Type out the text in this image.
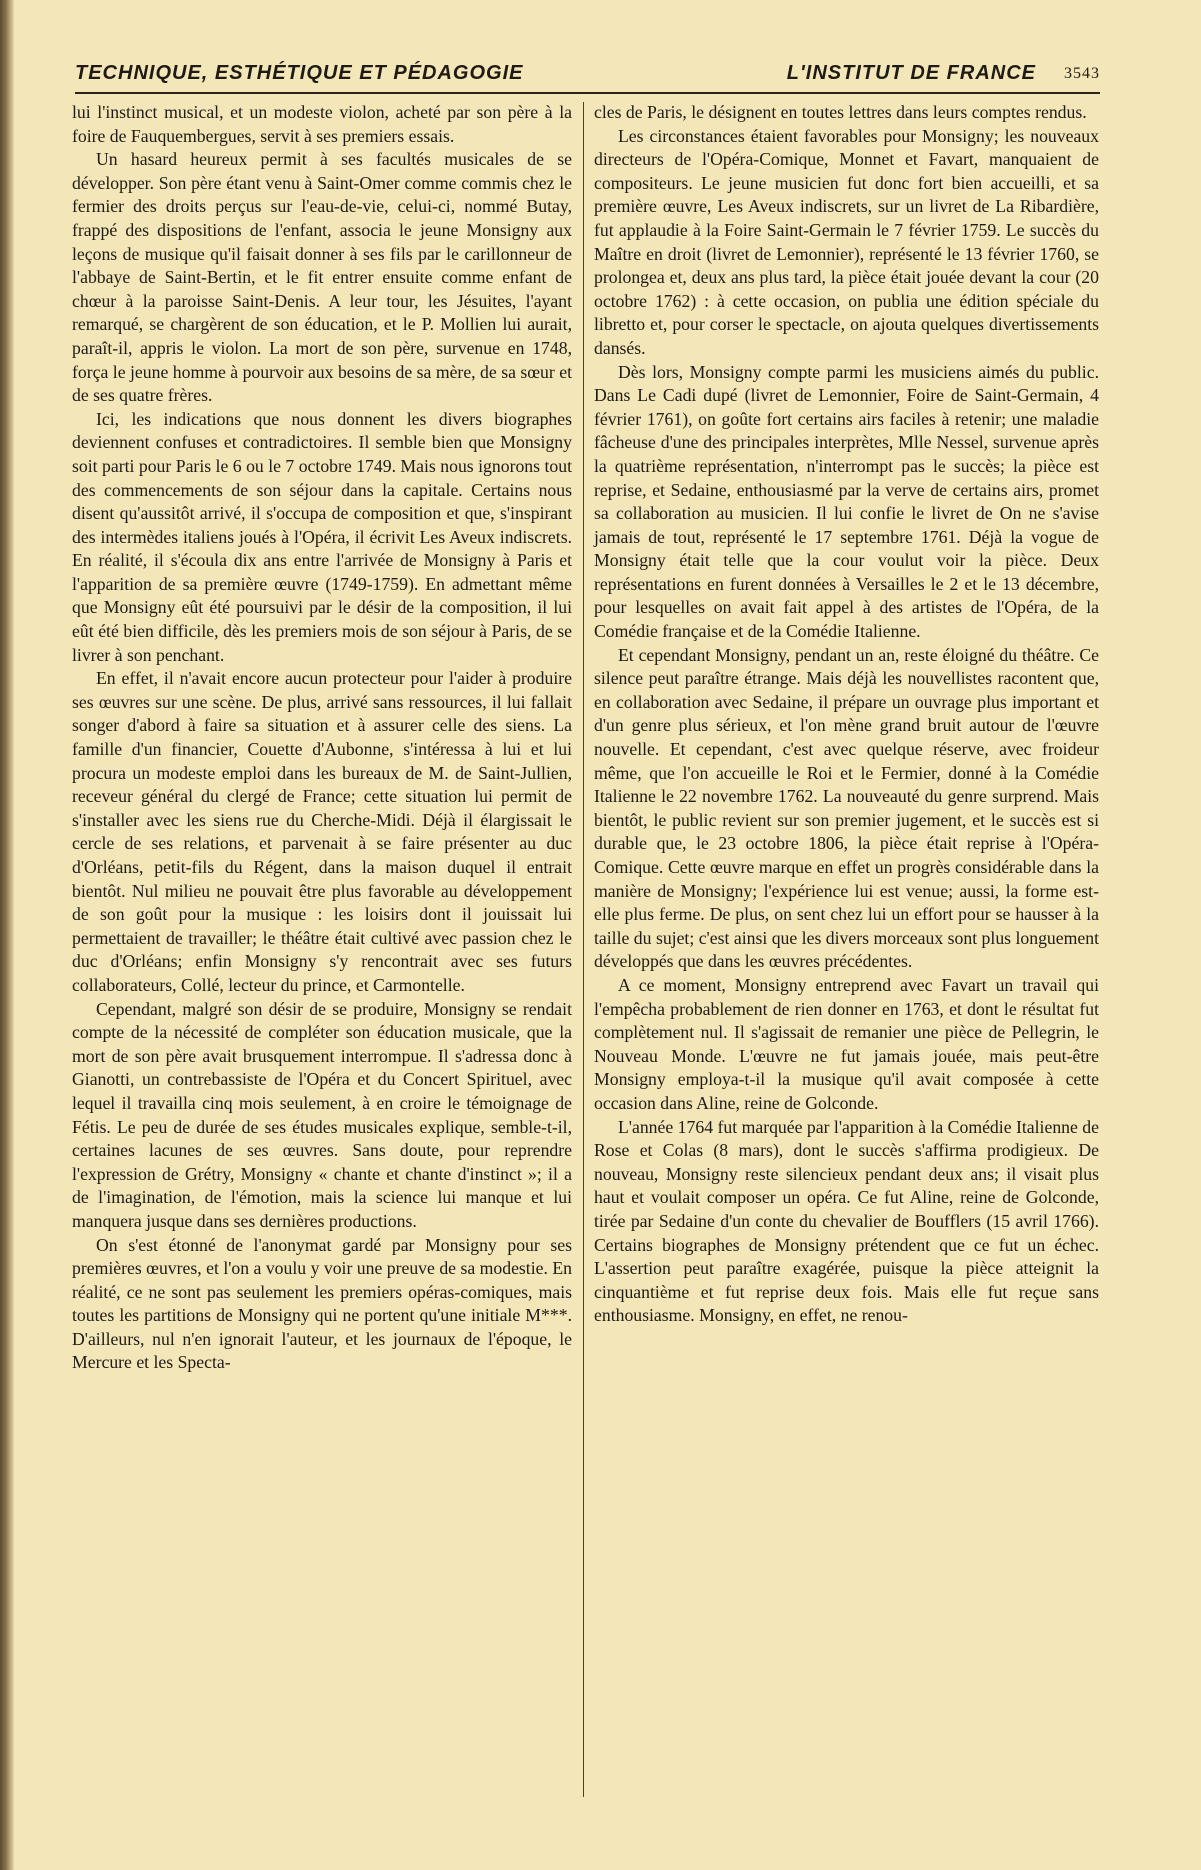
TECHNIQUE, ESTHÉTIQUE ET PÉDAGOGIE	L'INSTITUT DE FRANCE 3543

lui l'instinct musical, et un modeste violon, acheté par son père à la foire de Fauquembergues, servit à ses premiers essais.

Un hasard heureux permit à ses facultés musicales de se développer. Son père étant venu à Saint-Omer comme commis chez le fermier des droits perçus sur l'eau-de-vie, celui-ci, nommé Butay, frappé des dispositions de l'enfant, associa le jeune Monsigny aux leçons de musique qu'il faisait donner à ses fils par le carillonneur de l'abbaye de Saint-Bertin, et le fit entrer ensuite comme enfant de chœur à la paroisse Saint-Denis. A leur tour, les Jésuites, l'ayant remarqué, se chargèrent de son éducation, et le P. Mollien lui aurait, paraît-il, appris le violon. La mort de son père, survenue en 1748, força le jeune homme à pourvoir aux besoins de sa mère, de sa sœur et de ses quatre frères.

Ici, les indications que nous donnent les divers biographes deviennent confuses et contradictoires. Il semble bien que Monsigny soit parti pour Paris le 6 ou le 7 octobre 1749. Mais nous ignorons tout des commencements de son séjour dans la capitale. Certains nous disent qu'aussitôt arrivé, il s'occupa de composition et que, s'inspirant des intermèdes italiens joués à l'Opéra, il écrivit Les Aveux indiscrets. En réalité, il s'écoula dix ans entre l'arrivée de Monsigny à Paris et l'apparition de sa première œuvre (1749-1759). En admettant même que Monsigny eût été poursuivi par le désir de la composition, il lui eût été bien difficile, dès les premiers mois de son séjour à Paris, de se livrer à son penchant.

En effet, il n'avait encore aucun protecteur pour l'aider à produire ses œuvres sur une scène. De plus, arrivé sans ressources, il lui fallait songer d'abord à faire sa situation et à assurer celle des siens. La famille d'un financier, Couette d'Aubonne, s'intéressa à lui et lui procura un modeste emploi dans les bureaux de M. de Saint-Jullien, receveur général du clergé de France; cette situation lui permit de s'installer avec les siens rue du Cherche-Midi. Déjà il élargissait le cercle de ses relations, et parvenait à se faire présenter au duc d'Orléans, petit-fils du Régent, dans la maison duquel il entrait bientôt. Nul milieu ne pouvait être plus favorable au développement de son goût pour la musique : les loisirs dont il jouissait lui permettaient de travailler; le théâtre était cultivé avec passion chez le duc d'Orléans; enfin Monsigny s'y rencontrait avec ses futurs collaborateurs, Collé, lecteur du prince, et Carmontelle.

Cependant, malgré son désir de se produire, Monsigny se rendait compte de la nécessité de compléter son éducation musicale, que la mort de son père avait brusquement interrompue. Il s'adressa donc à Gianotti, un contrebassiste de l'Opéra et du Concert Spirituel, avec lequel il travailla cinq mois seulement, à en croire le témoignage de Fétis. Le peu de durée de ses études musicales explique, semble-t-il, certaines lacunes de ses œuvres. Sans doute, pour reprendre l'expression de Grétry, Monsigny « chante et chante d'instinct »; il a de l'imagination, de l'émotion, mais la science lui manque et lui manquera jusque dans ses dernières productions.

On s'est étonné de l'anonymat gardé par Monsigny pour ses premières œuvres, et l'on a voulu y voir une preuve de sa modestie. En réalité, ce ne sont pas seulement les premiers opéras-comiques, mais toutes les partitions de Monsigny qui ne portent qu'une initiale M***. D'ailleurs, nul n'en ignorait l'auteur, et les journaux de l'époque, le Mercure et les Specta-

cles de Paris, le désignent en toutes lettres dans leurs comptes rendus.

Les circonstances étaient favorables pour Monsigny; les nouveaux directeurs de l'Opéra-Comique, Monnet et Favart, manquaient de compositeurs. Le jeune musicien fut donc fort bien accueilli, et sa première œuvre, Les Aveux indiscrets, sur un livret de La Ribardière, fut applaudie à la Foire Saint-Germain le 7 février 1759. Le succès du Maître en droit (livret de Lemonnier), représenté le 13 février 1760, se prolongea et, deux ans plus tard, la pièce était jouée devant la cour (20 octobre 1762) : à cette occasion, on publia une édition spéciale du libretto et, pour corser le spectacle, on ajouta quelques divertissements dansés.

Dès lors, Monsigny compte parmi les musiciens aimés du public. Dans Le Cadi dupé (livret de Lemonnier, Foire de Saint-Germain, 4 février 1761), on goûte fort certains airs faciles à retenir; une maladie fâcheuse d'une des principales interprètes, Mlle Nessel, survenue après la quatrième représentation, n'interrompt pas le succès; la pièce est reprise, et Sedaine, enthousiasmé par la verve de certains airs, promet sa collaboration au musicien. Il lui confie le livret de On ne s'avise jamais de tout, représenté le 17 septembre 1761. Déjà la vogue de Monsigny était telle que la cour voulut voir la pièce. Deux représentations en furent données à Versailles le 2 et le 13 décembre, pour lesquelles on avait fait appel à des artistes de l'Opéra, de la Comédie française et de la Comédie Italienne.

Et cependant Monsigny, pendant un an, reste éloigné du théâtre. Ce silence peut paraître étrange. Mais déjà les nouvellistes racontent que, en collaboration avec Sedaine, il prépare un ouvrage plus important et d'un genre plus sérieux, et l'on mène grand bruit autour de l'œuvre nouvelle. Et cependant, c'est avec quelque réserve, avec froideur même, que l'on accueille le Roi et le Fermier, donné à la Comédie Italienne le 22 novembre 1762. La nouveauté du genre surprend. Mais bientôt, le public revient sur son premier jugement, et le succès est si durable que, le 23 octobre 1806, la pièce était reprise à l'Opéra-Comique. Cette œuvre marque en effet un progrès considérable dans la manière de Monsigny; l'expérience lui est venue; aussi, la forme est-elle plus ferme. De plus, on sent chez lui un effort pour se hausser à la taille du sujet; c'est ainsi que les divers morceaux sont plus longuement développés que dans les œuvres précédentes.

A ce moment, Monsigny entreprend avec Favart un travail qui l'empêcha probablement de rien donner en 1763, et dont le résultat fut complètement nul. Il s'agissait de remanier une pièce de Pellegrin, le Nouveau Monde. L'œuvre ne fut jamais jouée, mais peut-être Monsigny employa-t-il la musique qu'il avait composée à cette occasion dans Aline, reine de Golconde.

L'année 1764 fut marquée par l'apparition à la Comédie Italienne de Rose et Colas (8 mars), dont le succès s'affirma prodigieux. De nouveau, Monsigny reste silencieux pendant deux ans; il visait plus haut et voulait composer un opéra. Ce fut Aline, reine de Golconde, tirée par Sedaine d'un conte du chevalier de Boufflers (15 avril 1766). Certains biographes de Monsigny prétendent que ce fut un échec. L'assertion peut paraître exagérée, puisque la pièce atteignit la cinquantième et fut reprise deux fois. Mais elle fut reçue sans enthousiasme. Monsigny, en effet, ne renou-
